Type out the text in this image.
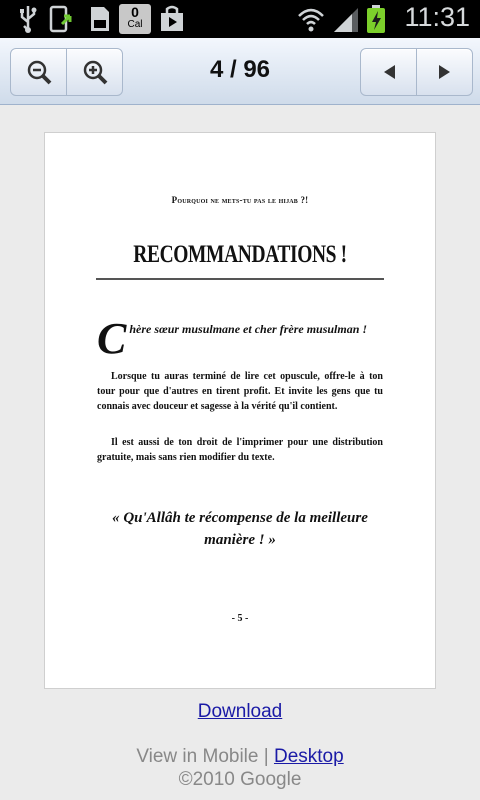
0
Cal	11:31
4 / 96
Pourquoi ne mets-tu pas le hijab ?!
RECOMMANDATIONS !
Chère sœur musulmane et cher frère musulman !
Lorsque tu auras terminé de lire cet opuscule, offre-le à ton tour pour que d'autres en tirent profit. Et invite les gens que tu connais avec douceur et sagesse à la vérité qu'il contient.
Il est aussi de ton droit de l'imprimer pour une distribution gratuite, mais sans rien modifier du texte.
« Qu'Allâh te récompense de la meilleure manière ! »
- 5 -
Download
View in Mobile | Desktop
©2010 Google
